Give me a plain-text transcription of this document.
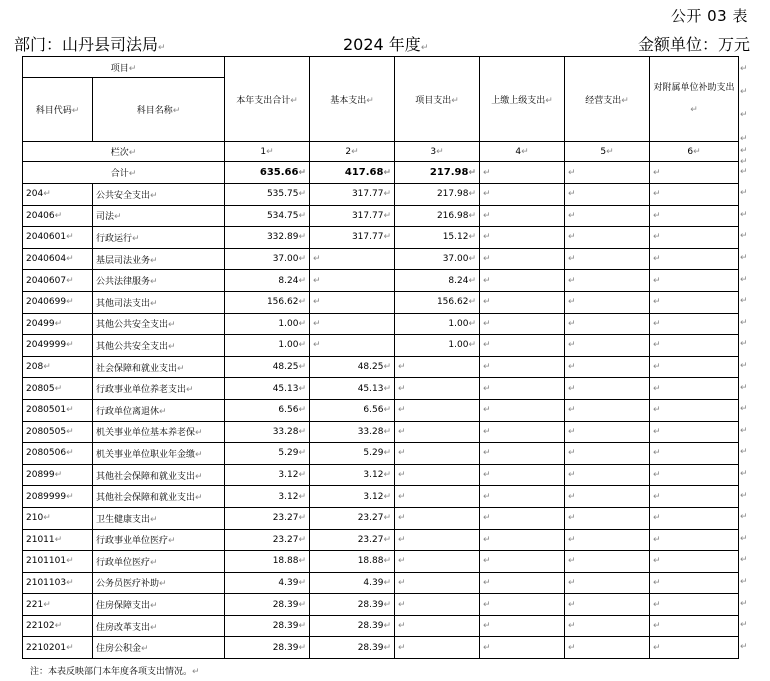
公开 03 表
部门：山丹县司法局 ↵	2024 年度 ↵	金额单位：万元
项目 ↵		本年支出合计 ↵	基本支出 ↵	项目支出 ↵	上缴上级支出 ↵	经营支出 ↵	对附属单位补助支出 ↵
科目代码 ↵	科目名称 ↵
栏次 ↵		1 ↵	2 ↵	3 ↵	4 ↵	5 ↵	6 ↵
合计 ↵		635.66 ↵	417.68 ↵	217.98 ↵	↵	↵	↵
204 ↵	公共安全支出 ↵	535.75 ↵	317.77 ↵	217.98 ↵	↵	↵	↵
20406 ↵	司法 ↵	534.75 ↵	317.77 ↵	216.98 ↵	↵	↵	↵
2040601 ↵	行政运行 ↵	332.89 ↵	317.77 ↵	15.12 ↵	↵	↵	↵
2040604 ↵	基层司法业务 ↵	37.00 ↵	↵	37.00 ↵	↵	↵	↵
2040607 ↵	公共法律服务 ↵	8.24 ↵	↵	8.24 ↵	↵	↵	↵
2040699 ↵	其他司法支出 ↵	156.62 ↵	↵	156.62 ↵	↵	↵	↵
20499 ↵	其他公共安全支出 ↵	1.00 ↵	↵	1.00 ↵	↵	↵	↵
2049999 ↵	其他公共安全支出 ↵	1.00 ↵	↵	1.00 ↵	↵	↵	↵
208 ↵	社会保障和就业支出 ↵	48.25 ↵	48.25 ↵	↵	↵	↵	↵
20805 ↵	行政事业单位养老支出 ↵	45.13 ↵	45.13 ↵	↵	↵	↵	↵
2080501 ↵	行政单位离退休 ↵	6.56 ↵	6.56 ↵	↵	↵	↵	↵
2080505 ↵	机关事业单位基本养老保 ↵	33.28 ↵	33.28 ↵	↵	↵	↵	↵
2080506 ↵	机关事业单位职业年金缴 ↵	5.29 ↵	5.29 ↵	↵	↵	↵	↵
20899 ↵	其他社会保障和就业支出 ↵	3.12 ↵	3.12 ↵	↵	↵	↵	↵
2089999 ↵	其他社会保障和就业支出 ↵	3.12 ↵	3.12 ↵	↵	↵	↵	↵
210 ↵	卫生健康支出 ↵	23.27 ↵	23.27 ↵	↵	↵	↵	↵
21011 ↵	行政事业单位医疗 ↵	23.27 ↵	23.27 ↵	↵	↵	↵	↵
2101101 ↵	行政单位医疗 ↵	18.88 ↵	18.88 ↵	↵	↵	↵	↵
2101103 ↵	公务员医疗补助 ↵	4.39 ↵	4.39 ↵	↵	↵	↵	↵
221 ↵	住房保障支出 ↵	28.39 ↵	28.39 ↵	↵	↵	↵	↵
22102 ↵	住房改革支出 ↵	28.39 ↵	28.39 ↵	↵	↵	↵	↵
2210201 ↵	住房公积金 ↵	28.39 ↵	28.39 ↵	↵	↵	↵	↵
↵
↵
↵
↵
↵
↵
↵
↵
↵
↵
↵
↵
↵
↵
↵
↵
↵
↵
↵
↵
↵
↵
↵
↵
↵
↵
↵
↵
↵
注：本表反映部门本年度各项支出情况。 ↵
